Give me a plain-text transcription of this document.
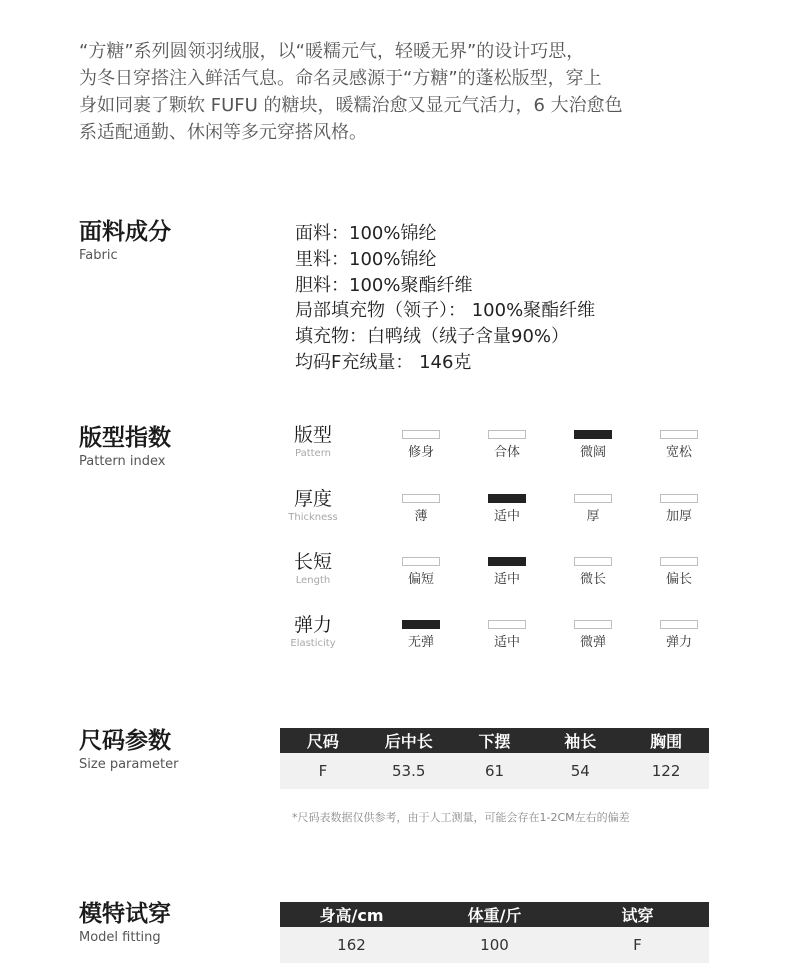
“方糖”系列圆领羽绒服，以“暖糯元气，轻暖无界”的设计巧思，

为冬日穿搭注入鲜活气息。命名灵感源于“方糖”的蓬松版型，穿上

身如同裹了颗软 FUFU 的糖块，暖糯治愈又显元气活力，6 大治愈色

系适配通勤、休闲等多元穿搭风格。

面料成分
Fabric
面料：100%锦纶
里料：100%锦纶
胆料：100%聚酯纤维
局部填充物（领子）： 100%聚酯纤维
填充物：白鸭绒（绒子含量90%）
均码F充绒量： 146克
版型指数
Pattern index
版型
Pattern	修身	合体	微阔	宽松
厚度
Thickness	薄	适中	厚	加厚
长短
Length	偏短	适中	微长	偏长
弹力
Elasticity	无弹	适中	微弹	弹力
尺码参数
Size parameter
尺码	后中长	下摆	袖长	胸围
F	53.5	61	54	122
*尺码表数据仅供参考，由于人工测量，可能会存在1-2CM左右的偏差
模特试穿
Model fitting
身高/cm	体重/斤	试穿
162	100	F
